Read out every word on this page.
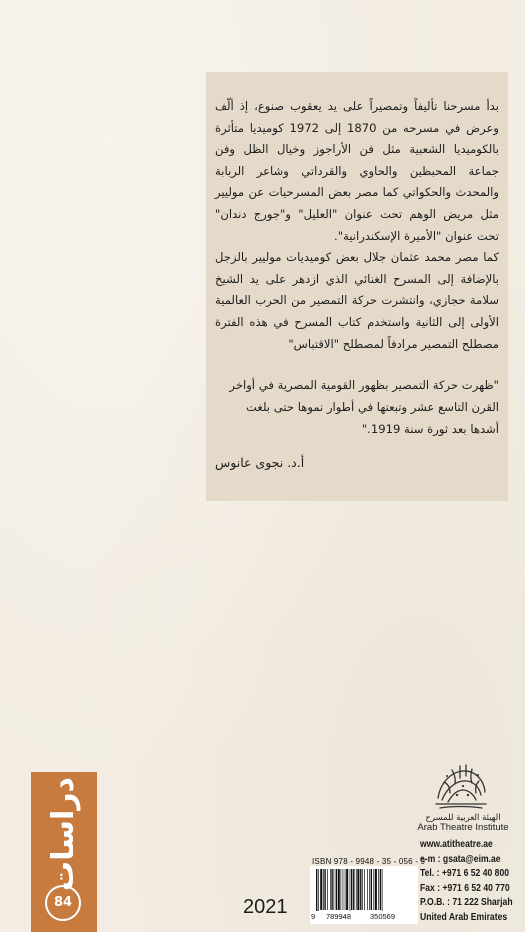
بدأ مسرحنا تأليفاً وتمصيراً على يد يعقوب صنوع، إذ ألّف وعرض في مسرحه من 1870 إلى 1972 كوميديا متأثرة بالكوميديا الشعبية مثل فن الأراجوز وخيال الظل وفن جماعة المحبظين والحاوي والقرداتي وشاعر الربابة والمحدث والحكواتي كما مصر بعض المسرحيات عن موليير مثل مريض الوهم تحت عنوان "العليل" و"جورج دندان" تحت عنوان "الأميرة الإسكندرانية".

كما مصر محمد عثمان جلال بعض كوميديات موليير بالزجل بالإضافة إلى المسرح الغنائي الذي ازدهر على يد الشيخ سلامة حجازي، وانتشرت حركة التمصير من الحرب العالمية الأولى إلى الثانية واستخدم كتاب المسرح في هذه الفترة مصطلح التمصير مرادفاً لمصطلح "الاقتباس"

"ظهرت حركة التمصير بظهور القومية المصرية في أواخر القرن التاسع عشر وتبعتها في أطوار نموها حتى بلغت أشدها بعد ثورة سنة 1919."

أ.د. نجوى عانوس
دراسات
84	2021
ISBN 978 - 9948 - 35 - 056 - 9
9 789948	350569
الهيئة العربية للمسرح
Arab Theatre Institute
www.atitheatre.ae
e-m : gsata@eim.ae
Tel. : +971 6 52 40 800
Fax : +971 6 52 40 770
P.O.B. : 71 222 Sharjah
United Arab Emirates
